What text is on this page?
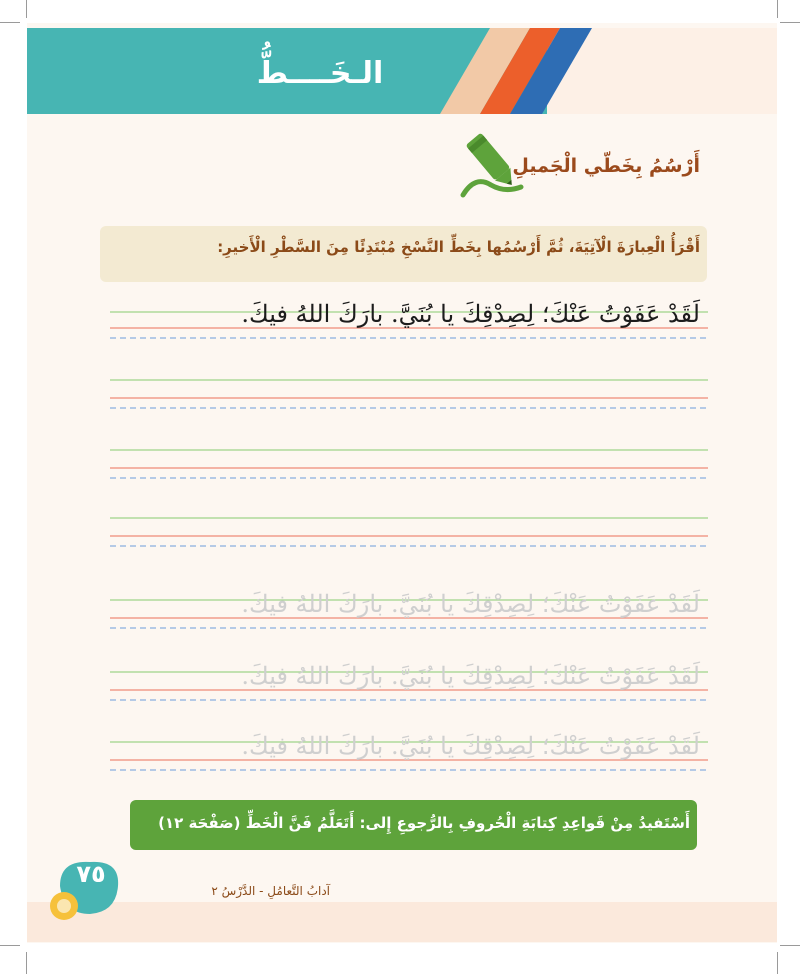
الـخَــــطُّ
أَرْسُمُ بِخَطّي الْجَميلِ
أَقْرَأُ الْعِبارَةَ الْآتِيَةَ، ثُمَّ أَرْسُمُها بِخَطِّ النَّسْخِ مُبْتَدِئًا مِنَ السَّطْرِ الْأَخيرِ:
لَقَدْ عَفَوْتُ عَنْكَ؛ لِصِدْقِكَ يا بُنَيَّ. بارَكَ اللهُ فيكَ.
لَقَدْ عَفَوْتُ عَنْكَ؛ لِصِدْقِكَ يا بُنَيَّ. بارَكَ اللهُ فيكَ.
لَقَدْ عَفَوْتُ عَنْكَ؛ لِصِدْقِكَ يا بُنَيَّ. بارَكَ اللهُ فيكَ.
لَقَدْ عَفَوْتُ عَنْكَ؛ لِصِدْقِكَ يا بُنَيَّ. بارَكَ اللهُ فيكَ.
أَسْتَفيدُ مِنْ قَواعِدِ كِتابَةِ الْحُروفِ بِالرُّجوعِ إِلى: أَتَعَلَّمُ فَنَّ الْخَطِّ (صَفْحَة ١٢)
٧٥
آدابُ التَّعامُلِ - الدَّرْسُ ٢
